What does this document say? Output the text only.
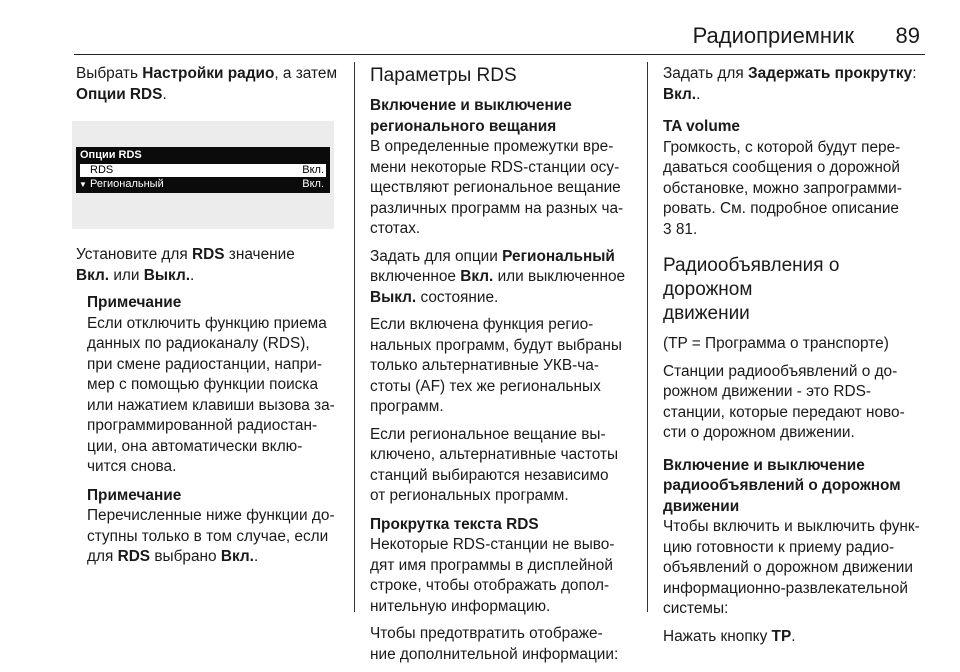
Радиоприемник 89

Выбрать Настройки радио, а затем
Опции RDS.

Опции RDS
RDS	Вкл.
▼ Региональный	Вкл.

Установите для RDS значение
Вкл. или Выкл..

Примечание

Если отключить функцию приема
данных по радиоканалу (RDS),
при смене радиостанции, напри-
мер с помощью функции поиска
или нажатием клавиши вызова за-
программированной радиостан-
ции, она автоматически вклю-
чится снова.

Примечание

Перечисленные ниже функции до-
ступны только в том случае, если
для RDS выбрано Вкл..

Параметры RDS
Включение и выключение
регионального вещания

В определенные промежутки вре-
мени некоторые RDS-станции осу-
ществляют региональное вещание
различных программ на разных ча-
стотах.

Задать для опции Региональный
включенное Вкл. или выключенное
Выкл. состояние.

Если включена функция регио-
нальных программ, будут выбраны
только альтернативные УКВ-ча-
стоты (AF) тех же региональных
программ.

Если региональное вещание вы-
ключено, альтернативные частоты
станций выбираются независимо
от региональных программ.

Прокрутка текста RDS

Некоторые RDS-станции не выво-
дят имя программы в дисплейной
строке, чтобы отображать допол-
нительную информацию.

Чтобы предотвратить отображе-
ние дополнительной информации:

Задать для Задержать прокрутку:
Вкл..

TA volume

Громкость, с которой будут пере-
даваться сообщения о дорожной
обстановке, можно запрограмми-
ровать. См. подробное описание
3 81.

Радиообъявления о дорожном
движении

(TP = Программа о транспорте)

Станции радиообъявлений о до-
рожном движении - это RDS-
станции, которые передают ново-
сти о дорожном движении.

Включение и выключение
радиообъявлений о дорожном
движении

Чтобы включить и выключить функ-
цию готовности к приему радио-
объявлений о дорожном движении
информационно-развлекательной
системы:

Нажать кнопку TP.
